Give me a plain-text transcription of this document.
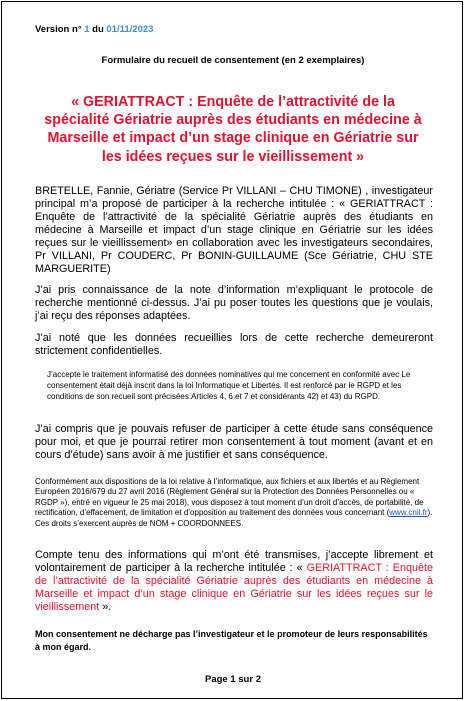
Version n° 1 du 01/11/2023
Formulaire du recueil de consentement (en 2 exemplaires)
« GERIATTRACT : Enquête de l’attractivité de la spécialité Gériatrie auprès des étudiants en médecine à Marseille et impact d’un stage clinique en Gériatrie sur les idées reçues sur le vieillissement »
BRETELLE, Fannie, Gériatre (Service Pr VILLANI – CHU TIMONE) , investigateur principal m’a proposé de participer à la recherche intitulée : « GERIATTRACT : Enquête de l’attractivité de la spécialité Gériatrie auprès des étudiants en médecine à Marseille et impact d’un stage clinique en Gériatrie sur les idées reçues sur le vieillissement» en collaboration avec les investigateurs secondaires, Pr VILLANI, Pr COUDERC, Pr BONIN-GUILLAUME (Sce Gériatrie, CHU STE MARGUERITE)
J’ai pris connaissance de la note d’information m’expliquant le protocole de recherche mentionné ci-dessus. J’ai pu poser toutes les questions que je voulais, j’ai reçu des réponses adaptées.
J’ai noté que les données recueillies lors de cette recherche demeureront strictement confidentielles.
J’accepte le traitement informatisé des données nominatives qui me concernent en conformité avec Le consentement était déjà inscrit dans la loi Informatique et Libertés. Il est renforcé par le RGPD et les conditions de son recueil sont précisées.Articles 4, 6 et 7 et considérants 42) et 43) du RGPD.
J’ai compris que je pouvais refuser de participer à cette étude sans conséquence pour moi, et que je pourrai retirer mon consentement à tout moment (avant et en cours d’étude) sans avoir à me justifier et sans conséquence.
Conformément aux dispositions de la loi relative à l’informatique, aux fichiers et aux libertés et au Règlement Européen 2016/679 du 27 avril 2016 (Règlement Général sur la Protection des Données Personnelles ou « RGDP »), entré en vigueur le 25 mai 2018), vous disposez à tout moment d’un droit d’accès, de portabilité, de rectification, d’effacement, de limitation et d’opposition au traitement des données vous concernant (www.cnil.fr). Ces droits s’exercent auprès de NOM + COORDONNEES.
Compte tenu des informations qui m’ont été transmises, j’accepte librement et volontairement de participer à la recherche intitulée : « GERIATTRACT : Enquête de l’attractivité de la spécialité Gériatrie auprès des étudiants en médecine à Marseille et impact d’un stage clinique en Gériatrie sur les idées reçues sur le vieillissement ».
Mon consentement ne décharge pas l’investigateur et le promoteur de leurs responsabilités à mon égard.
Page 1 sur 2
